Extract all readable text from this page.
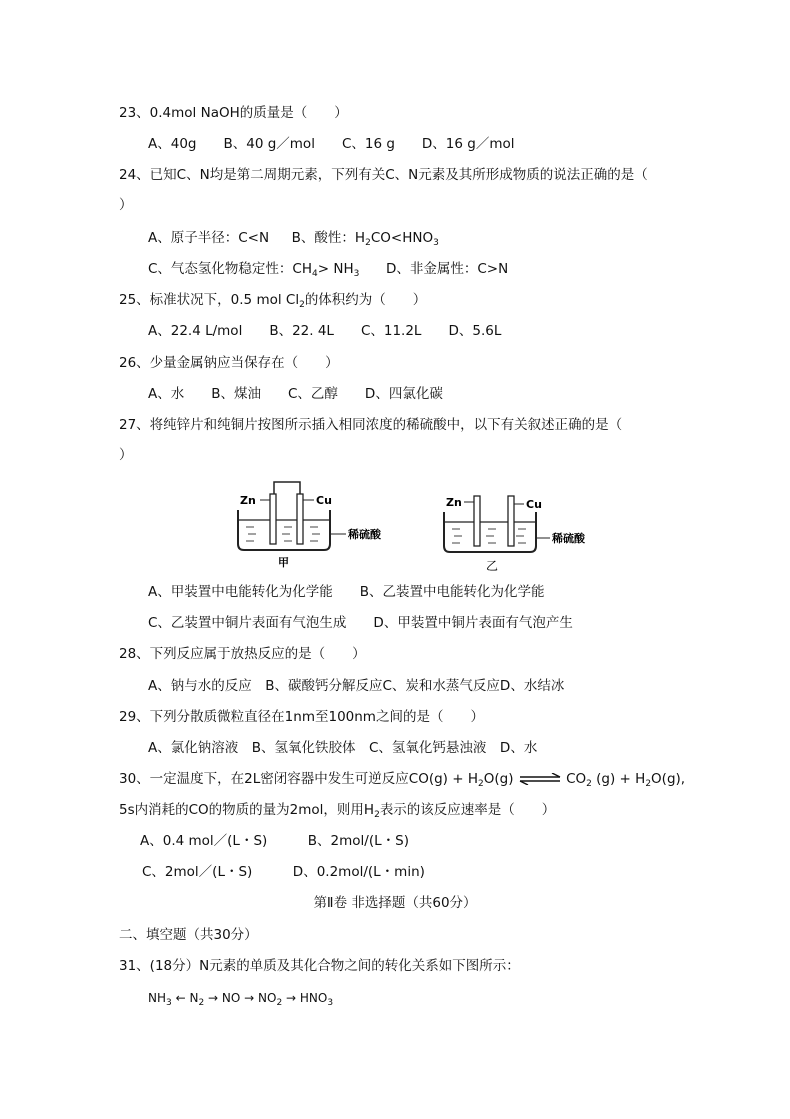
23、0.4mol NaOH的质量是（　　）
A、40g　　B、40 g／mol　　C、16 g　　D、16 g／mol
24、已知C、N均是第二周期元素，下列有关C、N元素及其所形成物质的说法正确的是（
）
A、原子半径：C<N B、酸性：$H_2CO<HNO_3$
C、气态氢化物稳定性：$CH_4> NH_3$ D、非金属性：C>N
25、标准状况下，0.5 mol $Cl_2$的体积约为（　　）
A、22.4 L/mol　　B、22. 4L　　C、11.2L　　D、5.6L
26、少量金属钠应当保存在（　　）
A、水　　B、煤油　　C、乙醇　　D、四氯化碳
27、将纯锌片和纯铜片按图所示插入相同浓度的稀硫酸中，以下有关叙述正确的是（
）
Zn	Cu
稀硫酸
甲
Zn	Cu
稀硫酸
乙
A、甲装置中电能转化为化学能　　B、乙装置中电能转化为化学能
C、乙装置中铜片表面有气泡生成　　D、甲装置中铜片表面有气泡产生
28、下列反应属于放热反应的是（　　）
A、钠与水的反应　B、碳酸钙分解反应C、炭和水蒸气反应D、水结冰
29、下列分散质微粒直径在1nm至100nm之间的是（　　）
A、氯化钠溶液　B、氢氧化铁胶体　C、氢氧化钙悬浊液　D、水
30、一定温度下，在2L密闭容器中发生可逆反应$CO(g) + H_2O(g)$ ⇌ $CO_2$ $(g) + H_2O(g)$,
5s内消耗的CO的物质的量为2mol，则用$H_2$表示的该反应速率是（　　）
A、0.4 mol／(L・S)　　　B、2mol/(L・S)
C、2mol／(L・S)　　　D、0.2mol/(L・min)
第Ⅱ卷 非选择题（共60分）
二、填空题（共30分）
31、(18分）N元素的单质及其化合物之间的转化关系如下图所示：
$NH_3$ ← $N_2$ → NO → $NO_2 \to HNO_3$
